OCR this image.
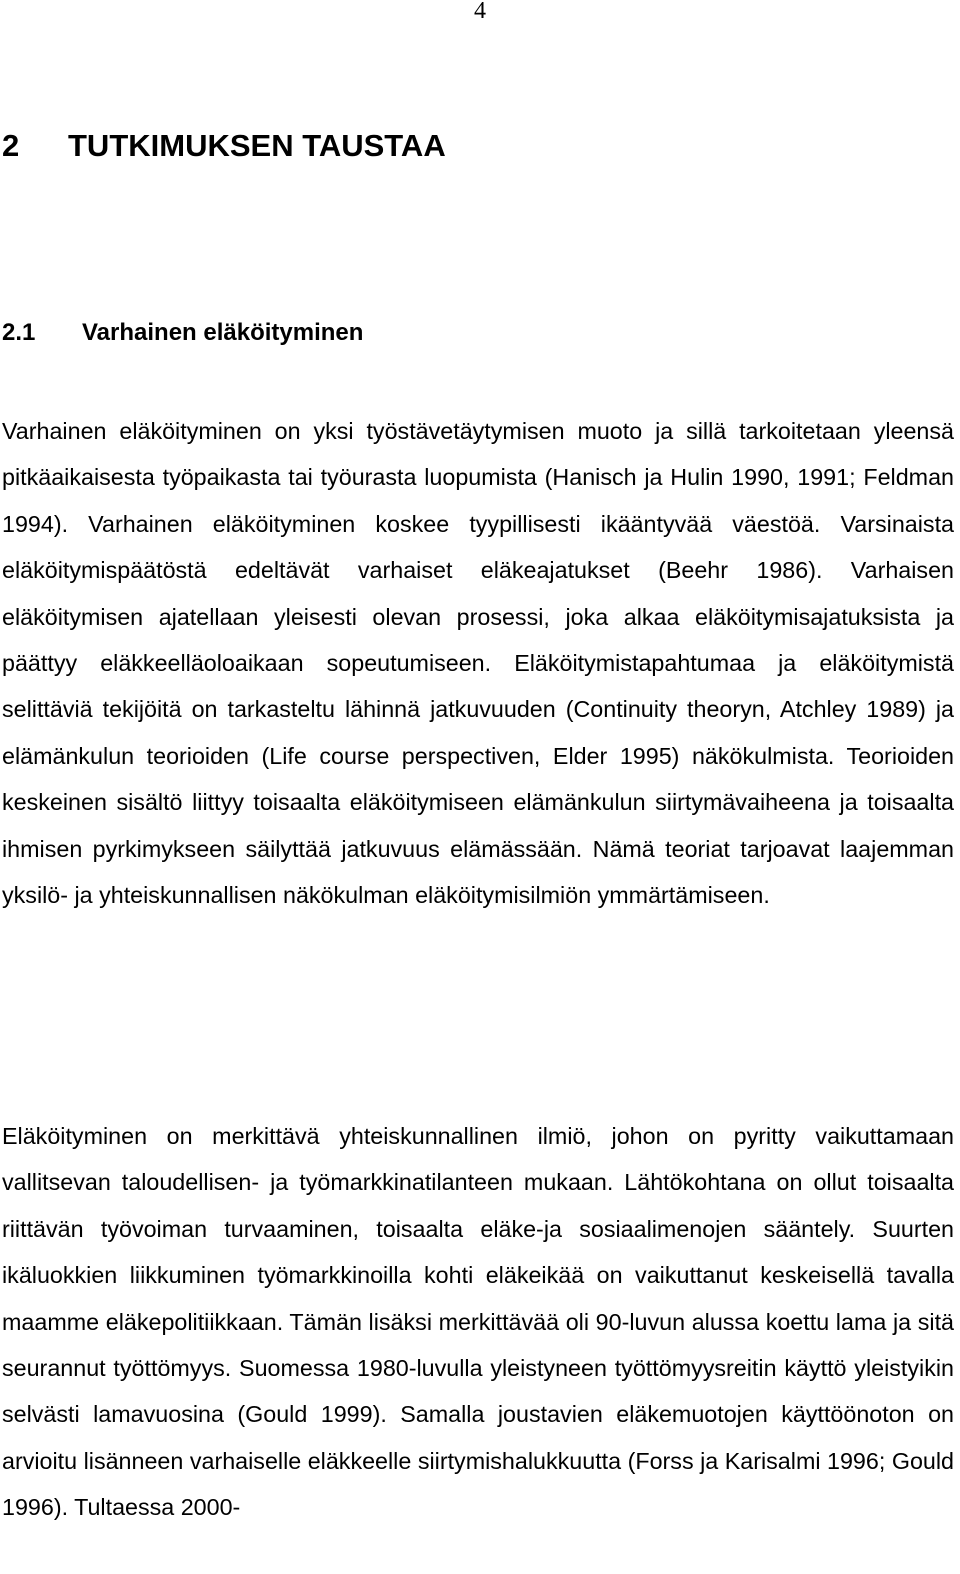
4
2 TUTKIMUKSEN TAUSTAA
2.1 Varhainen eläköityminen

Varhainen eläköityminen on yksi työstävetäytymisen muoto ja sillä tarkoitetaan yleensä pitkäaikaisesta työpaikasta tai työurasta luopumista (Hanisch ja Hulin 1990, 1991; Feldman 1994). Varhainen eläköityminen koskee tyypillisesti ikääntyvää väestöä. Varsinaista eläköitymispäätöstä edeltävät varhaiset eläkeajatukset (Beehr 1986). Varhaisen eläköitymisen ajatellaan yleisesti olevan prosessi, joka alkaa eläköitymisajatuksista ja päättyy eläkkeelläoloaikaan sopeutumiseen. Eläköitymistapahtumaa ja eläköitymistä selittäviä tekijöitä on tarkasteltu lähinnä jatkuvuuden (Continuity theoryn, Atchley 1989) ja elämänkulun teorioiden (Life course perspectiven, Elder 1995) näkökulmista. Teorioiden keskeinen sisältö liittyy toisaalta eläköitymiseen elämänkulun siirtymävaiheena ja toisaalta ihmisen pyrkimykseen säilyttää jatkuvuus elämässään. Nämä teoriat tarjoavat laajemman yksilö- ja yhteiskunnallisen näkökulman eläköitymisilmiön ymmärtämiseen.

Eläköityminen on merkittävä yhteiskunnallinen ilmiö, johon on pyritty vaikuttamaan vallitsevan taloudellisen- ja työmarkkinatilanteen mukaan. Lähtökohtana on ollut toisaalta riittävän työvoiman turvaaminen, toisaalta eläke-ja sosiaalimenojen sääntely. Suurten ikäluokkien liikkuminen työmarkkinoilla kohti eläkeikää on vaikuttanut keskeisellä tavalla maamme eläkepolitiikkaan. Tämän lisäksi merkittävää oli 90-luvun alussa koettu lama ja sitä seurannut työttömyys. Suomessa 1980-luvulla yleistyneen työttömyysreitin käyttö yleistyikin selvästi lamavuosina (Gould 1999). Samalla joustavien eläkemuotojen käyttöönoton on arvioitu lisänneen varhaiselle eläkkeelle siirtymishalukkuutta (Forss ja Karisalmi 1996; Gould 1996). Tultaessa 2000-
